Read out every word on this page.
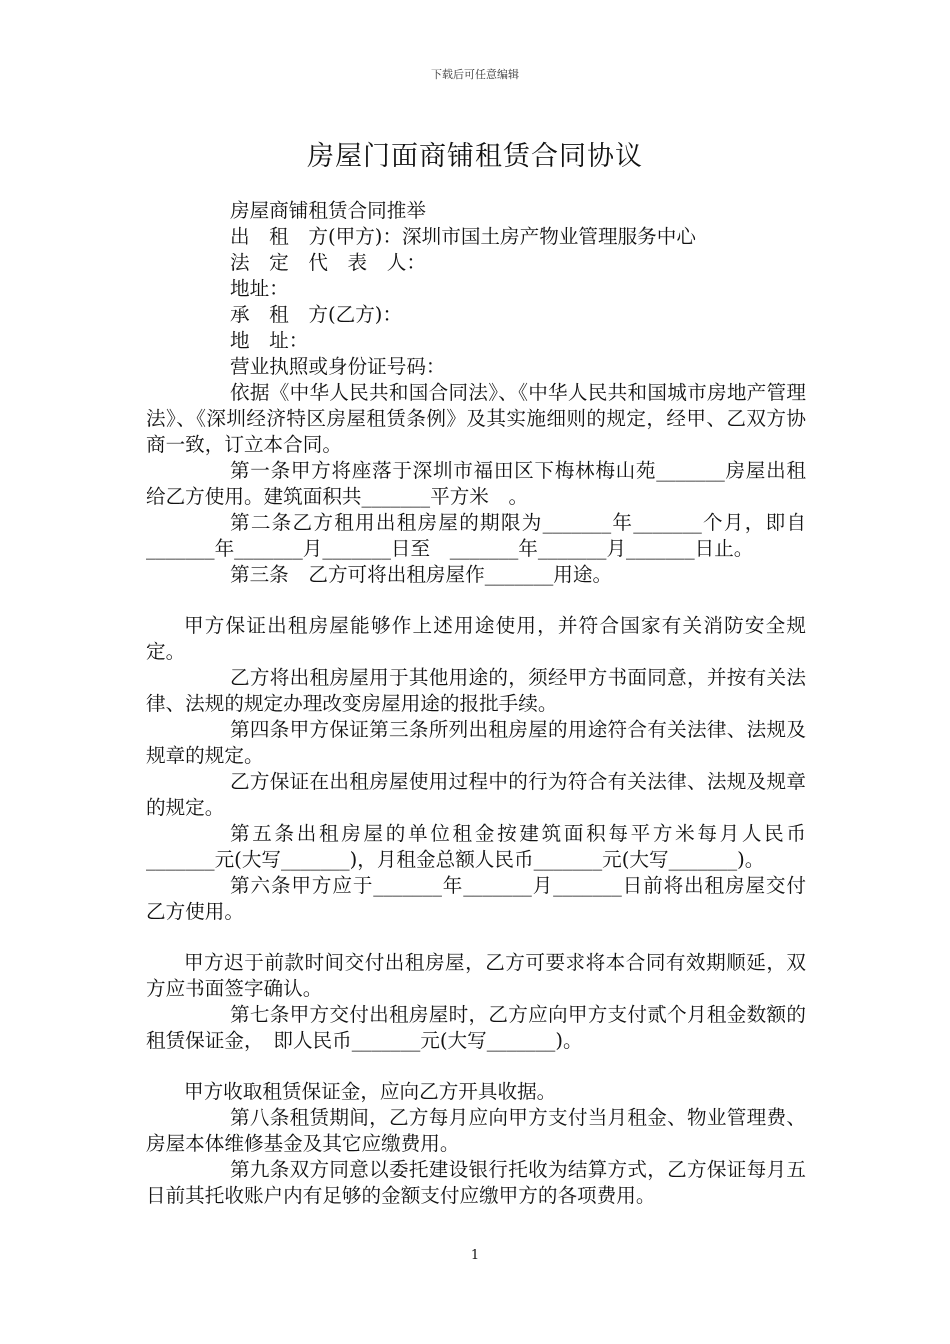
下载后可任意编辑
房屋门面商铺租赁合同协议

房屋商铺租赁合同推举

出　租　方(甲方)：深圳市国土房产物业管理服务中心

法　定　代　表　人：

地址：

承　租　方(乙方)：

地　址：

营业执照或身份证号码：

依据《中华人民共和国合同法》、《中华人民共和国城市房地产管理法》、《深圳经济特区房屋租赁条例》及其实施细则的规定，经甲、乙双方协商一致，订立本合同。

第一条甲方将座落于深圳市福田区下梅林梅山苑_______房屋出租给乙方使用。建筑面积共_______平方米　。

第二条乙方租用出租房屋的期限为_______年_______个月，即自_______年_______月_______日至　_______年_______月_______日止。

第三条　乙方可将出租房屋作_______用途。

甲方保证出租房屋能够作上述用途使用，并符合国家有关消防安全规定。

乙方将出租房屋用于其他用途的，须经甲方书面同意，并按有关法律、法规的规定办理改变房屋用途的报批手续。

第四条甲方保证第三条所列出租房屋的用途符合有关法律、法规及规章的规定。

乙方保证在出租房屋使用过程中的行为符合有关法律、法规及规章的规定。

第五条出租房屋的单位租金按建筑面积每平方米每月人民币_______元(大写_______)，月租金总额人民币_______元(大写_______)。

第六条甲方应于_______年_______月_______日前将出租房屋交付乙方使用。

甲方迟于前款时间交付出租房屋，乙方可要求将本合同有效期顺延，双方应书面签字确认。

第七条甲方交付出租房屋时，乙方应向甲方支付贰个月租金数额的租赁保证金，　即人民币_______元(大写_______)。

甲方收取租赁保证金，应向乙方开具收据。

第八条租赁期间，乙方每月应向甲方支付当月租金、物业管理费、房屋本体维修基金及其它应缴费用。

第九条双方同意以委托建设银行托收为结算方式，乙方保证每月五日前其托收账户内有足够的金额支付应缴甲方的各项费用。

1
